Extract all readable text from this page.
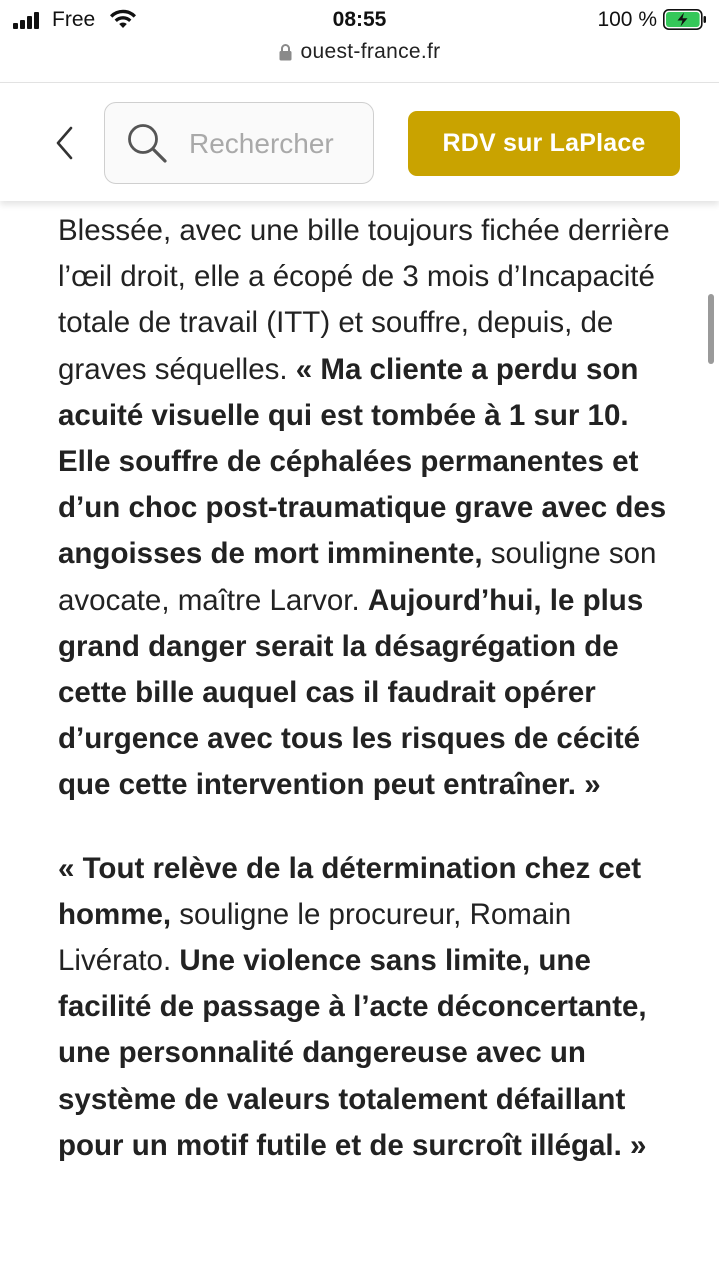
Free	08:55	100 %
ouest-france.fr
Rechercher
RDV sur LaPlace

Blessée, avec une bille toujours fichée derrière l’œil droit, elle a écopé de 3 mois d’Incapacité totale de travail (ITT) et souffre, depuis, de graves séquelles. « Ma cliente a perdu son acuité visuelle qui est tombée à 1 sur 10. Elle souffre de céphalées permanentes et d’un choc post-traumatique grave avec des angoisses de mort imminente, souligne son avocate, maître Larvor. Aujourd’hui, le plus grand danger serait la désagrégation de cette bille auquel cas il faudrait opérer d’urgence avec tous les risques de cécité que cette intervention peut entraîner. »

« Tout relève de la détermination chez cet homme, souligne le procureur, Romain Livérato. Une violence sans limite, une facilité de passage à l’acte déconcertante, une personnalité dangereuse avec un système de valeurs totalement défaillant pour un motif futile et de surcroît illégal. »
